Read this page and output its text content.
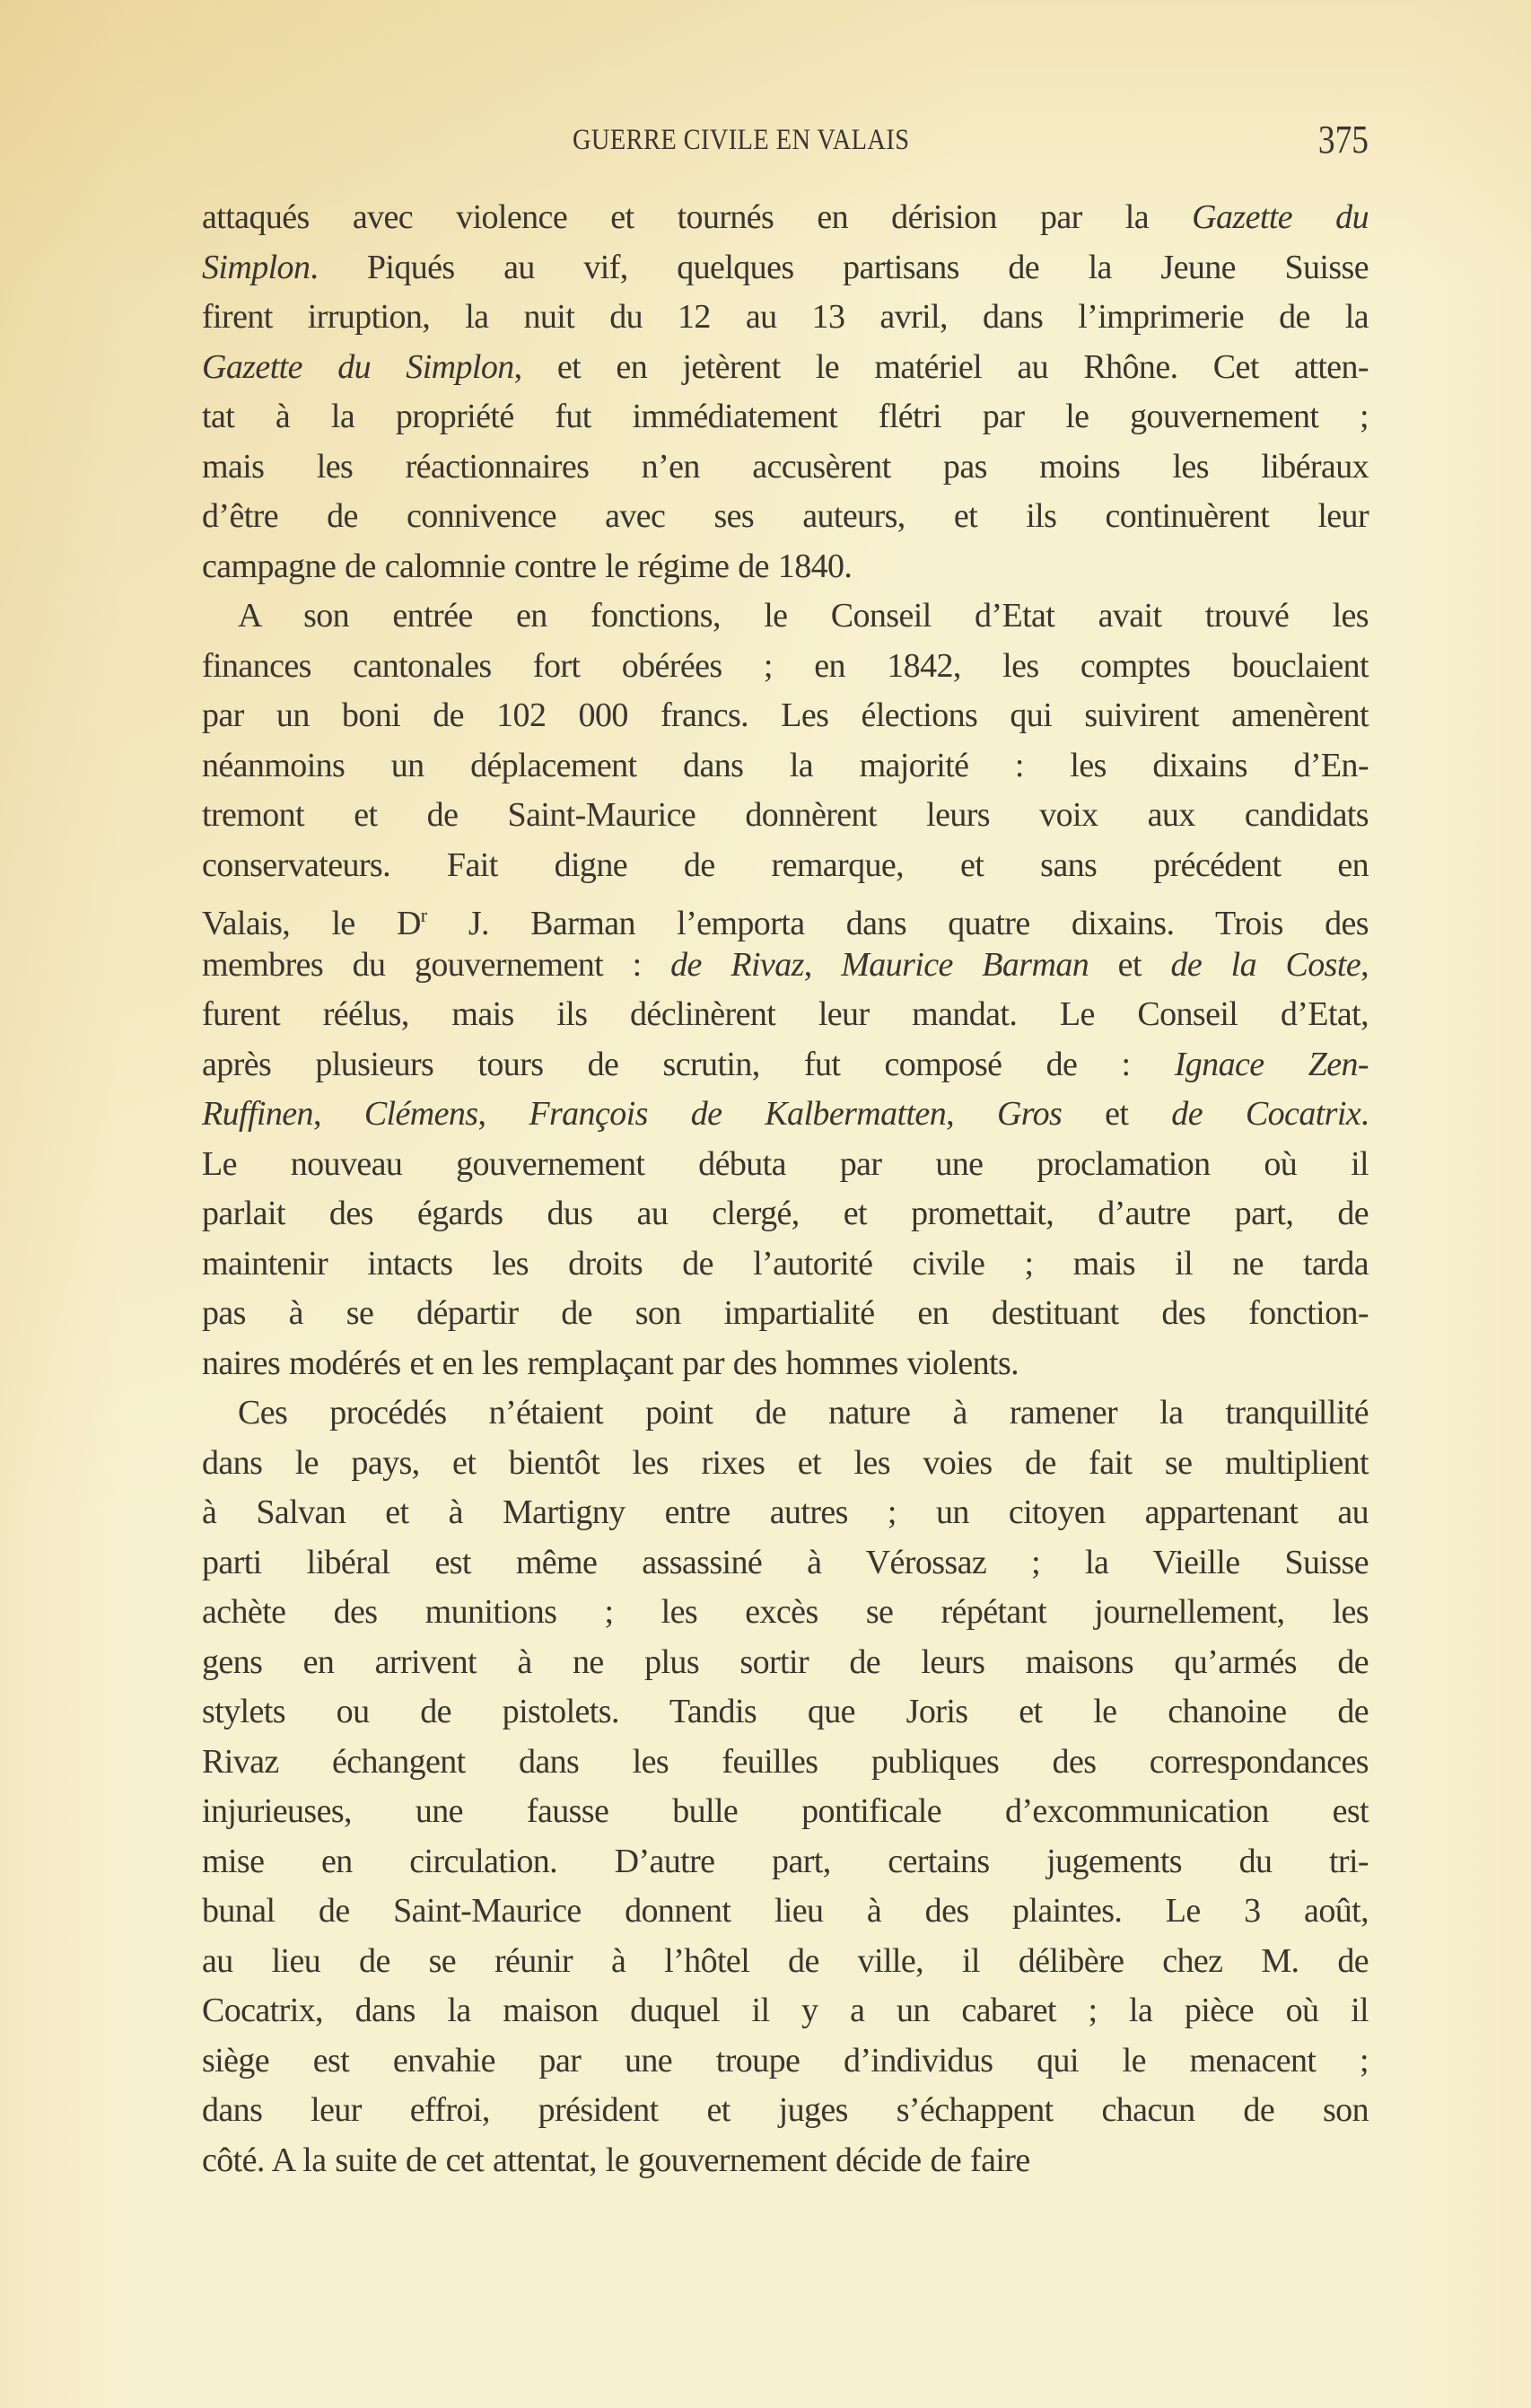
GUERRE CIVILE EN VALAIS	375
attaqués avec violence et tournés en dérision par la Gazette du
Simplon. Piqués au vif, quelques partisans de la Jeune Suisse
firent irruption, la nuit du 12 au 13 avril, dans l’imprimerie de la
Gazette du Simplon, et en jetèrent le matériel au Rhône. Cet atten-
tat à la propriété fut immédiatement flétri par le gouvernement ;
mais les réactionnaires n’en accusèrent pas moins les libéraux
d’être de connivence avec ses auteurs, et ils continuèrent leur
campagne de calomnie contre le régime de 1840.
A son entrée en fonctions, le Conseil d’Etat avait trouvé les
finances cantonales fort obérées ; en 1842, les comptes bouclaient
par un boni de 102 000 francs. Les élections qui suivirent amenèrent
néanmoins un déplacement dans la majorité : les dixains d’En-
tremont et de Saint-Maurice donnèrent leurs voix aux candidats
conservateurs. Fait digne de remarque, et sans précédent en
Valais, le $D^r$ J. Barman l’emporta dans quatre dixains. Trois des
membres du gouvernement : de Rivaz, Maurice Barman et de la Coste,
furent réélus, mais ils déclinèrent leur mandat. Le Conseil d’Etat,
après plusieurs tours de scrutin, fut composé de : Ignace Zen-
Ruffinen, Clémens, François de Kalbermatten, Gros et de Cocatrix.
Le nouveau gouvernement débuta par une proclamation où il
parlait des égards dus au clergé, et promettait, d’autre part, de
maintenir intacts les droits de l’autorité civile ; mais il ne tarda
pas à se départir de son impartialité en destituant des fonction-
naires modérés et en les remplaçant par des hommes violents.
Ces procédés n’étaient point de nature à ramener la tranquillité
dans le pays, et bientôt les rixes et les voies de fait se multiplient
à Salvan et à Martigny entre autres ; un citoyen appartenant au
parti libéral est même assassiné à Vérossaz ; la Vieille Suisse
achète des munitions ; les excès se répétant journellement, les
gens en arrivent à ne plus sortir de leurs maisons qu’armés de
stylets ou de pistolets. Tandis que Joris et le chanoine de
Rivaz échangent dans les feuilles publiques des correspondances
injurieuses, une fausse bulle pontificale d’excommunication est
mise en circulation. D’autre part, certains jugements du tri-
bunal de Saint-Maurice donnent lieu à des plaintes. Le 3 août,
au lieu de se réunir à l’hôtel de ville, il délibère chez M. de
Cocatrix, dans la maison duquel il y a un cabaret ; la pièce où il
siège est envahie par une troupe d’individus qui le menacent ;
dans leur effroi, président et juges s’échappent chacun de son
côté. A la suite de cet attentat, le gouvernement décide de faire
